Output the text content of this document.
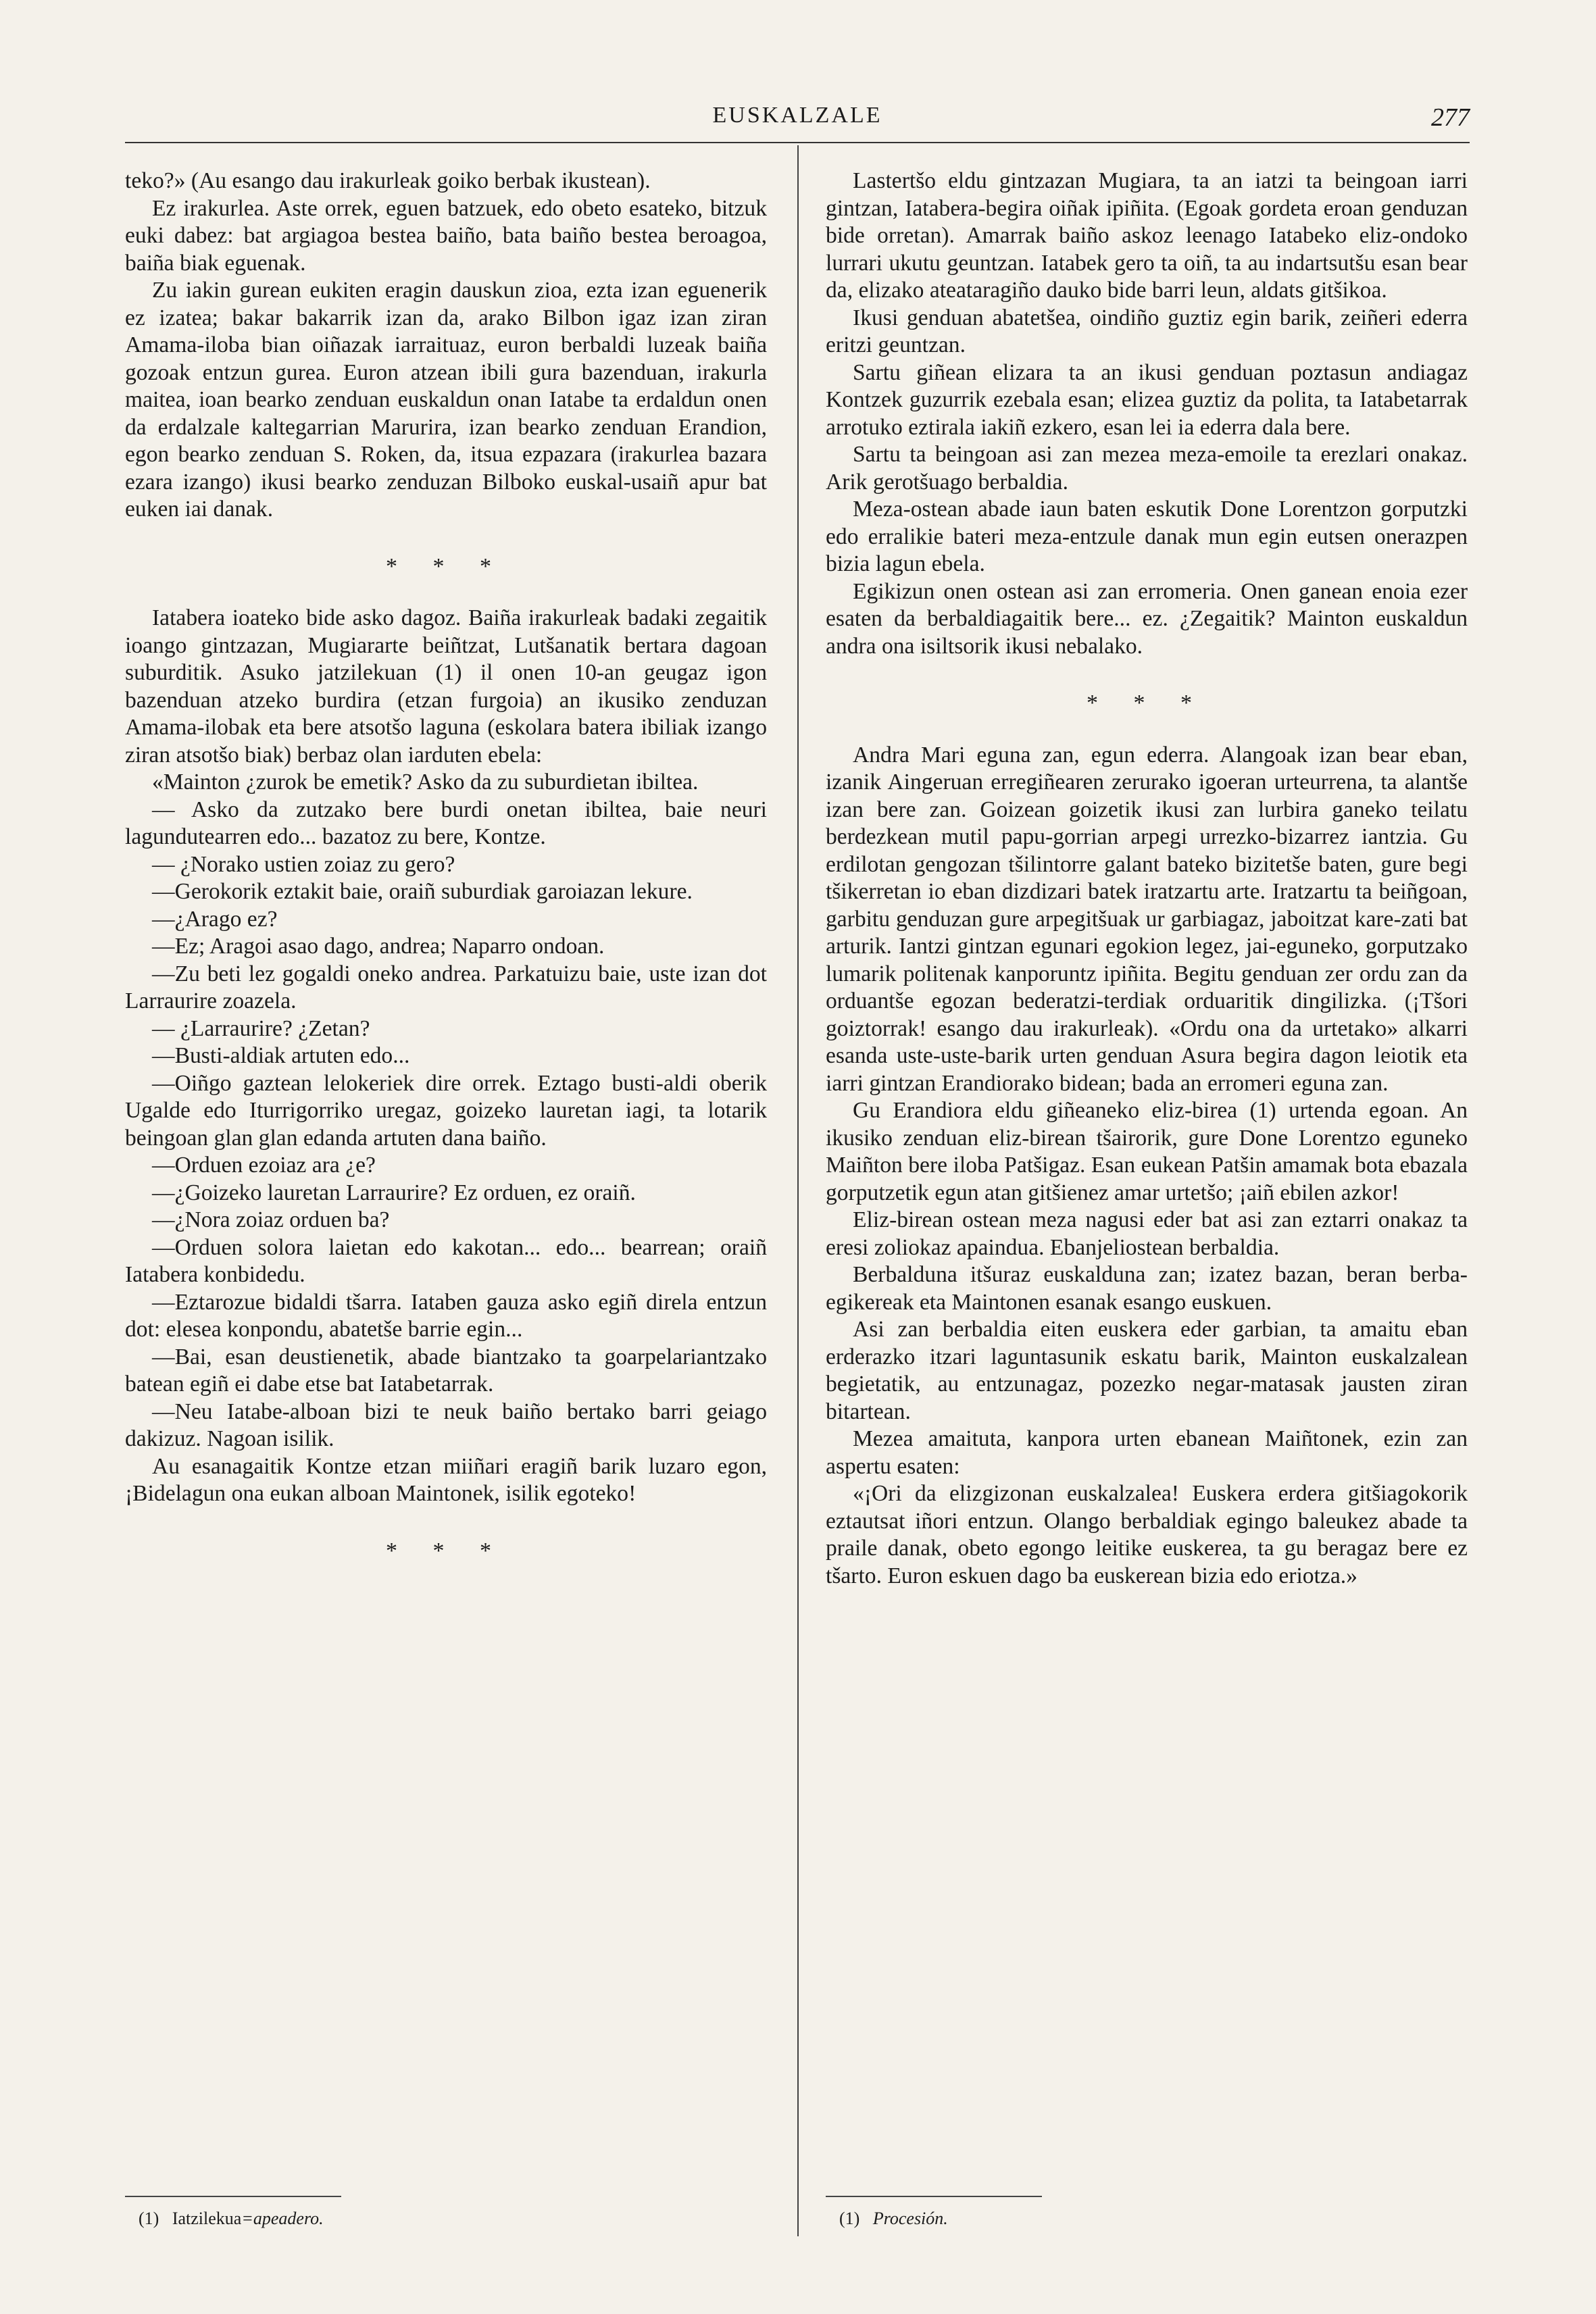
EUSKALZALE	277

teko?» (Au esango dau irakurleak goiko berbak ikustean).

Ez irakurlea. Aste orrek, eguen batzuek, edo obeto esateko, bitzuk euki dabez: bat argiagoa bestea baiño, bata baiño bestea beroagoa, baiña biak eguenak.

Zu iakin gurean eukiten eragin dauskun zioa, ezta izan eguenerik ez izatea; bakar bakarrik izan da, arako Bilbon igaz izan ziran Amama-iloba bian oiñazak iarraituaz, euron berbaldi luzeak baiña gozoak entzun gurea. Euron atzean ibili gura bazenduan, irakurla maitea, ioan bearko zenduan euskaldun onan Iatabe ta erdaldun onen da erdalzale kaltegarrian Marurira, izan bearko zenduan Erandion, egon bearko zenduan S. Roken, da, itsua ezpazara (irakurlea bazara ezara izango) ikusi bearko zenduzan Bilboko euskal-usaiñ apur bat euken iai danak.

* * *

Iatabera ioateko bide asko dagoz. Baiña irakurleak badaki zegaitik ioango gintzazan, Mugiararte beiñtzat, Lutšanatik bertara dagoan suburditik. Asuko jatzilekuan (1) il onen 10-an geugaz igon bazenduan atzeko burdira (etzan furgoia) an ikusiko zenduzan Amama-ilobak eta bere atsotšo laguna (eskolara batera ibiliak izango ziran atsotšo biak) berbaz olan iarduten ebela:

«Mainton ¿zurok be emetik? Asko da zu suburdietan ibiltea.

— Asko da zutzako bere burdi onetan ibiltea, baie neuri lagundutearren edo... bazatoz zu bere, Kontze.

— ¿Norako ustien zoiaz zu gero?

—Gerokorik eztakit baie, oraiñ suburdiak garoiazan lekure.

—¿Arago ez?

—Ez; Aragoi asao dago, andrea; Naparro ondoan.

—Zu beti lez gogaldi oneko andrea. Parkatuizu baie, uste izan dot Larraurire zoazela.

— ¿Larraurire? ¿Zetan?

—Busti-aldiak artuten edo...

—Oiñgo gaztean lelokeriek dire orrek. Eztago busti-aldi oberik Ugalde edo Iturrigorriko uregaz, goizeko lauretan iagi, ta lotarik beingoan glan glan edanda artuten dana baiño.

—Orduen ezoiaz ara ¿e?

—¿Goizeko lauretan Larraurire? Ez orduen, ez oraiñ.

—¿Nora zoiaz orduen ba?

—Orduen solora laietan edo kakotan... edo... bearrean; oraiñ Iatabera konbidedu.

—Eztarozue bidaldi tšarra. Iataben gauza asko egiñ direla entzun dot: elesea konpondu, abatetše barrie egin...

—Bai, esan deustienetik, abade biantzako ta goarpelariantzako batean egiñ ei dabe etse bat Iatabetarrak.

—Neu Iatabe-alboan bizi te neuk baiño bertako barri geiago dakizuz. Nagoan isilik.

Au esanagaitik Kontze etzan miiñari eragiñ barik luzaro egon, ¡Bidelagun ona eukan alboan Maintonek, isilik egoteko!

* * *
(1) Iatzilekua=apeadero.

Lastertšo eldu gintzazan Mugiara, ta an iatzi ta beingoan iarri gintzan, Iatabera-begira oiñak ipiñita. (Egoak gordeta eroan genduzan bide orretan). Amarrak baiño askoz leenago Iatabeko eliz-ondoko lurrari ukutu geuntzan. Iatabek gero ta oiñ, ta au indartsutšu esan bear da, elizako ateataragiño dauko bide barri leun, aldats gitšikoa.

Ikusi genduan abatetšea, oindiño guztiz egin barik, zeiñeri ederra eritzi geuntzan.

Sartu giñean elizara ta an ikusi genduan poztasun andiagaz Kontzek guzurrik ezebala esan; elizea guztiz da polita, ta Iatabetarrak arrotuko eztirala iakiñ ezkero, esan lei ia ederra dala bere.

Sartu ta beingoan asi zan mezea meza-emoile ta erezlari onakaz. Arik gerotšuago berbaldia.

Meza-ostean abade iaun baten eskutik Done Lorentzon gorputzki edo erralikie bateri meza-entzule danak mun egin eutsen onerazpen bizia lagun ebela.

Egikizun onen ostean asi zan erromeria. Onen ganean enoia ezer esaten da berbaldiagaitik bere... ez. ¿Zegaitik? Mainton euskaldun andra ona isiltsorik ikusi nebalako.

* * *

Andra Mari eguna zan, egun ederra. Alangoak izan bear eban, izanik Aingeruan erregiñearen zerurako igoeran urteurrena, ta alantše izan bere zan. Goizean goizetik ikusi zan lurbira ganeko teilatu berdezkean mutil papu-gorrian arpegi urrezko-bizarrez iantzia. Gu erdilotan gengozan tšilintorre galant bateko bizitetše baten, gure begi tšikerretan io eban dizdizari batek iratzartu arte. Iratzartu ta beiñgoan, garbitu genduzan gure arpegitšuak ur garbiagaz, jaboitzat kare-zati bat arturik. Iantzi gintzan egunari egokion legez, jai-eguneko, gorputzako lumarik politenak kanporuntz ipiñita. Begitu genduan zer ordu zan da orduantše egozan bederatzi-terdiak orduaritik dingilizka. (¡Tšori goiztorrak! esango dau irakurleak). «Ordu ona da urtetako» alkarri esanda uste-uste-barik urten genduan Asura begira dagon leiotik eta iarri gintzan Erandiorako bidean; bada an erromeri eguna zan.

Gu Erandiora eldu giñeaneko eliz-birea (1) urtenda egoan. An ikusiko zenduan eliz-birean tšairorik, gure Done Lorentzo eguneko Maiñton bere iloba Patšigaz. Esan eukean Patšin amamak bota ebazala gorputzetik egun atan gitšienez amar urtetšo; ¡aiñ ebilen azkor!

Eliz-birean ostean meza nagusi eder bat asi zan eztarri onakaz ta eresi zoliokaz apaindua. Ebanjeliostean berbaldia.

Berbalduna itšuraz euskalduna zan; izatez bazan, beran berba-egikereak eta Maintonen esanak esango euskuen.

Asi zan berbaldia eiten euskera eder garbian, ta amaitu eban erderazko itzari laguntasunik eskatu barik, Mainton euskalzalean begietatik, au entzunagaz, pozezko negar-matasak jausten ziran bitartean.

Mezea amaituta, kanpora urten ebanean Maiñtonek, ezin zan aspertu esaten:

«¡Ori da elizgizonan euskalzalea! Euskera erdera gitšiagokorik eztautsat iñori entzun. Olango berbaldiak egingo baleukez abade ta praile danak, obeto egongo leitike euskerea, ta gu beragaz bere ez tšarto. Euron eskuen dago ba euskerean bizia edo eriotza.»

(1) Procesión.
